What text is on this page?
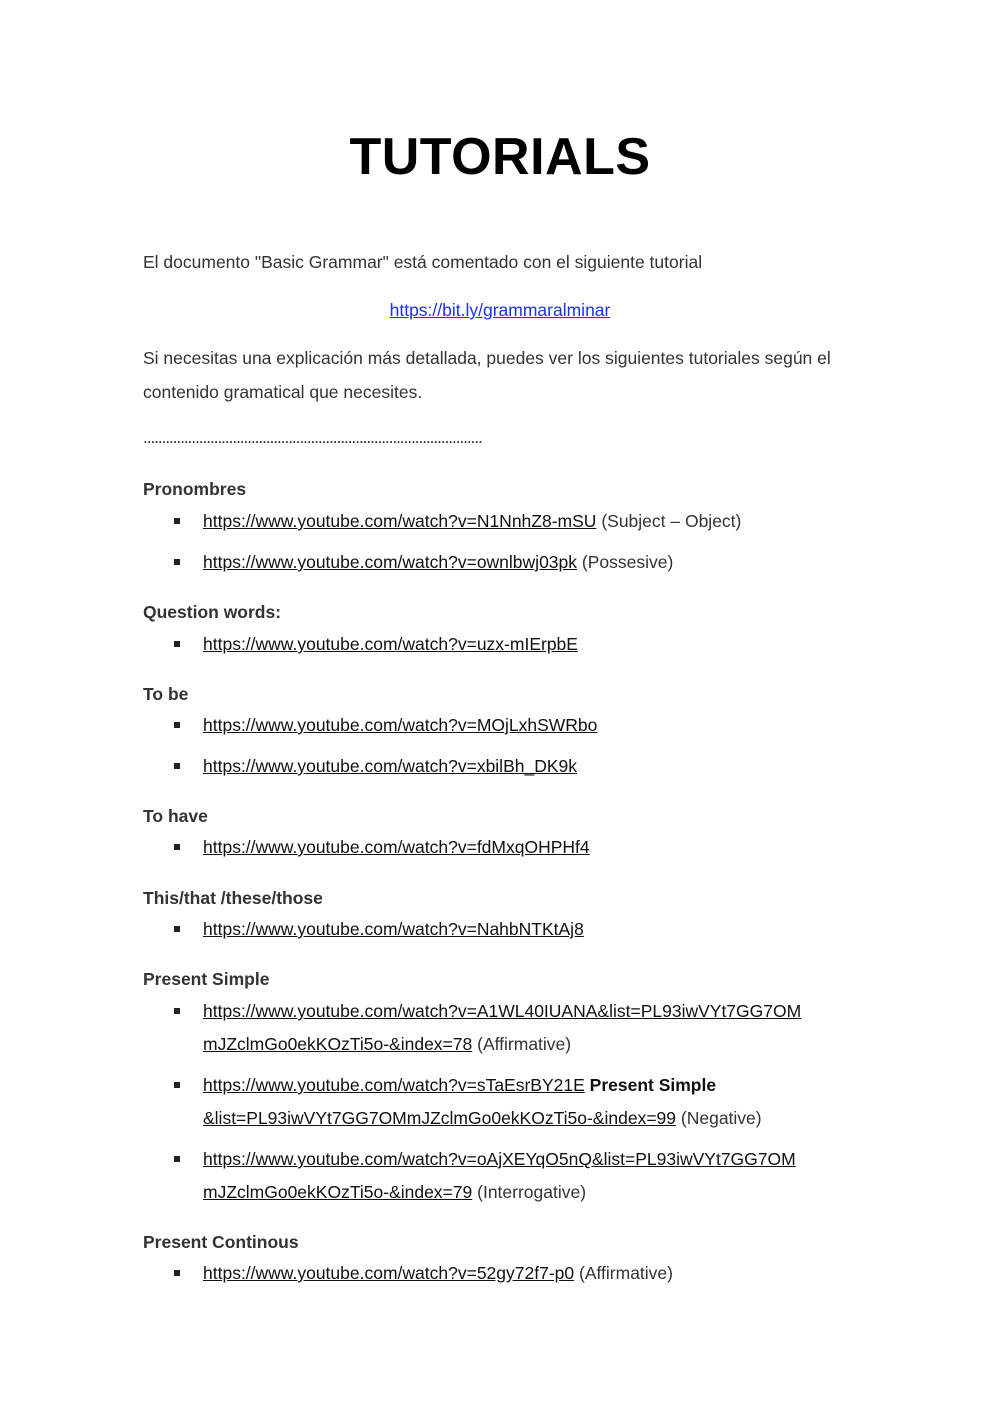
TUTORIALS
El documento "Basic Grammar" está comentado con el siguiente tutorial
https://bit.ly/grammaralminar
Si necesitas una explicación más detallada, puedes ver los siguientes tutoriales según el
contenido gramatical que necesites.
...........................................................................................
Pronombres
https://www.youtube.com/watch?v=N1NnhZ8-mSU (Subject – Object)
https://www.youtube.com/watch?v=ownlbwj03pk (Possesive)
Question words:
https://www.youtube.com/watch?v=uzx-mIErpbE
To be
https://www.youtube.com/watch?v=MOjLxhSWRbo
https://www.youtube.com/watch?v=xbilBh_DK9k
To have
https://www.youtube.com/watch?v=fdMxqOHPHf4
This/that /these/those
https://www.youtube.com/watch?v=NahbNTKtAj8
Present Simple
https://www.youtube.com/watch?v=A1WL40IUANA&list=PL93iwVYt7GG7OM
mJZclmGo0ekKOzTi5o-&index=78 (Affirmative)
https://www.youtube.com/watch?v=sTaEsrBY21E Present Simple
&list=PL93iwVYt7GG7OMmJZclmGo0ekKOzTi5o-&index=99 (Negative)
https://www.youtube.com/watch?v=oAjXEYqO5nQ&list=PL93iwVYt7GG7OM
mJZclmGo0ekKOzTi5o-&index=79 (Interrogative)
Present Continous
https://www.youtube.com/watch?v=52gy72f7-p0 (Affirmative)
